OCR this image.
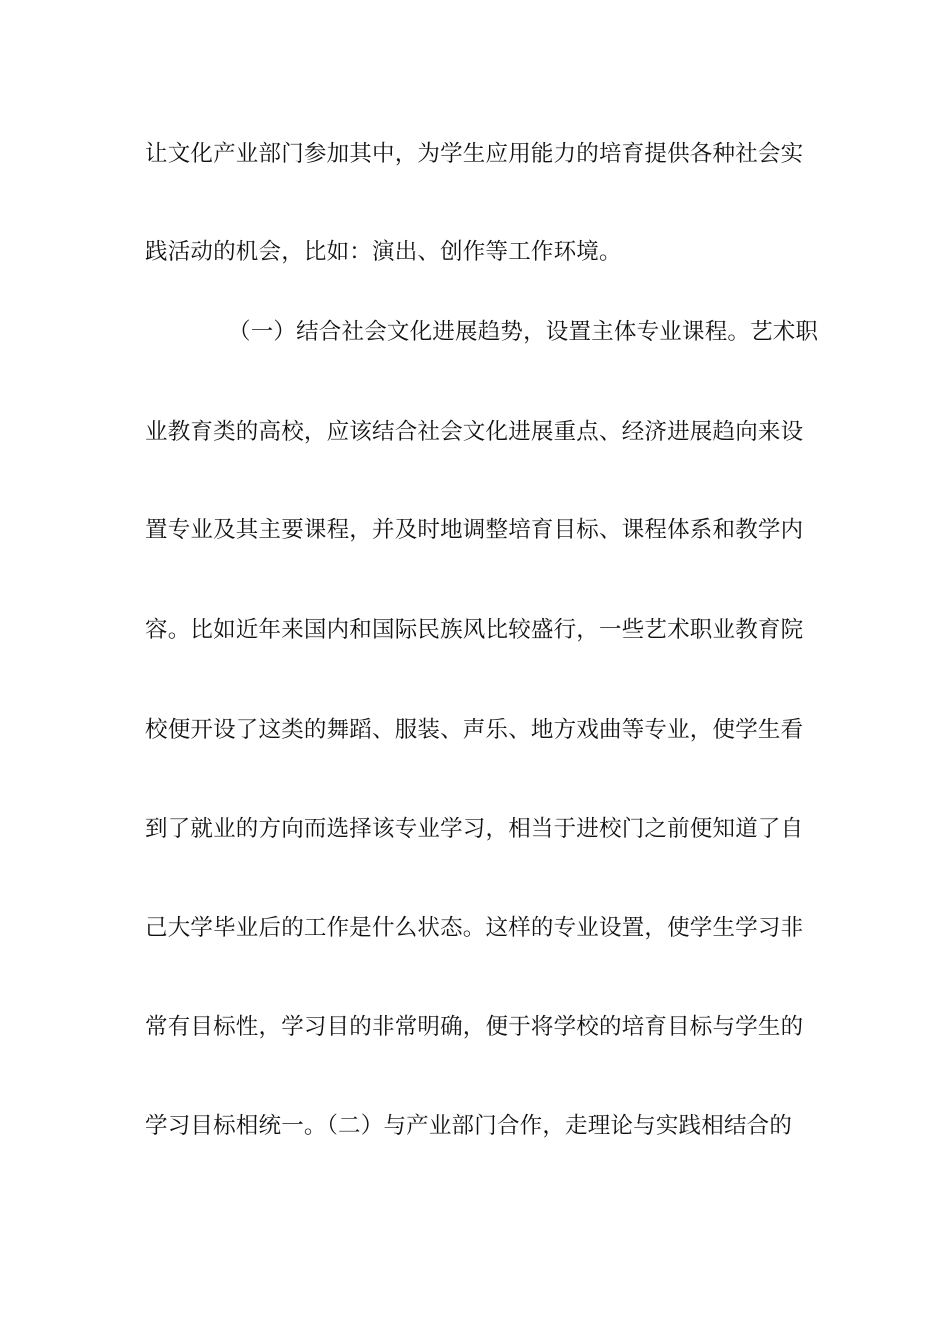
让文化产业部门参加其中，为学生应用能力的培育提供各种社会实
践活动的机会，比如：演出、创作等工作环境。
（一）结合社会文化进展趋势，设置主体专业课程。艺术职
业教育类的高校，应该结合社会文化进展重点、经济进展趋向来设
置专业及其主要课程，并及时地调整培育目标、课程体系和教学内
容。比如近年来国内和国际民族风比较盛行，一些艺术职业教育院
校便开设了这类的舞蹈、服装、声乐、地方戏曲等专业，使学生看
到了就业的方向而选择该专业学习，相当于进校门之前便知道了自
己大学毕业后的工作是什么状态。这样的专业设置，使学生学习非
常有目标性，学习目的非常明确，便于将学校的培育目标与学生的
学习目标相统一。（二）与产业部门合作，走理论与实践相结合的
